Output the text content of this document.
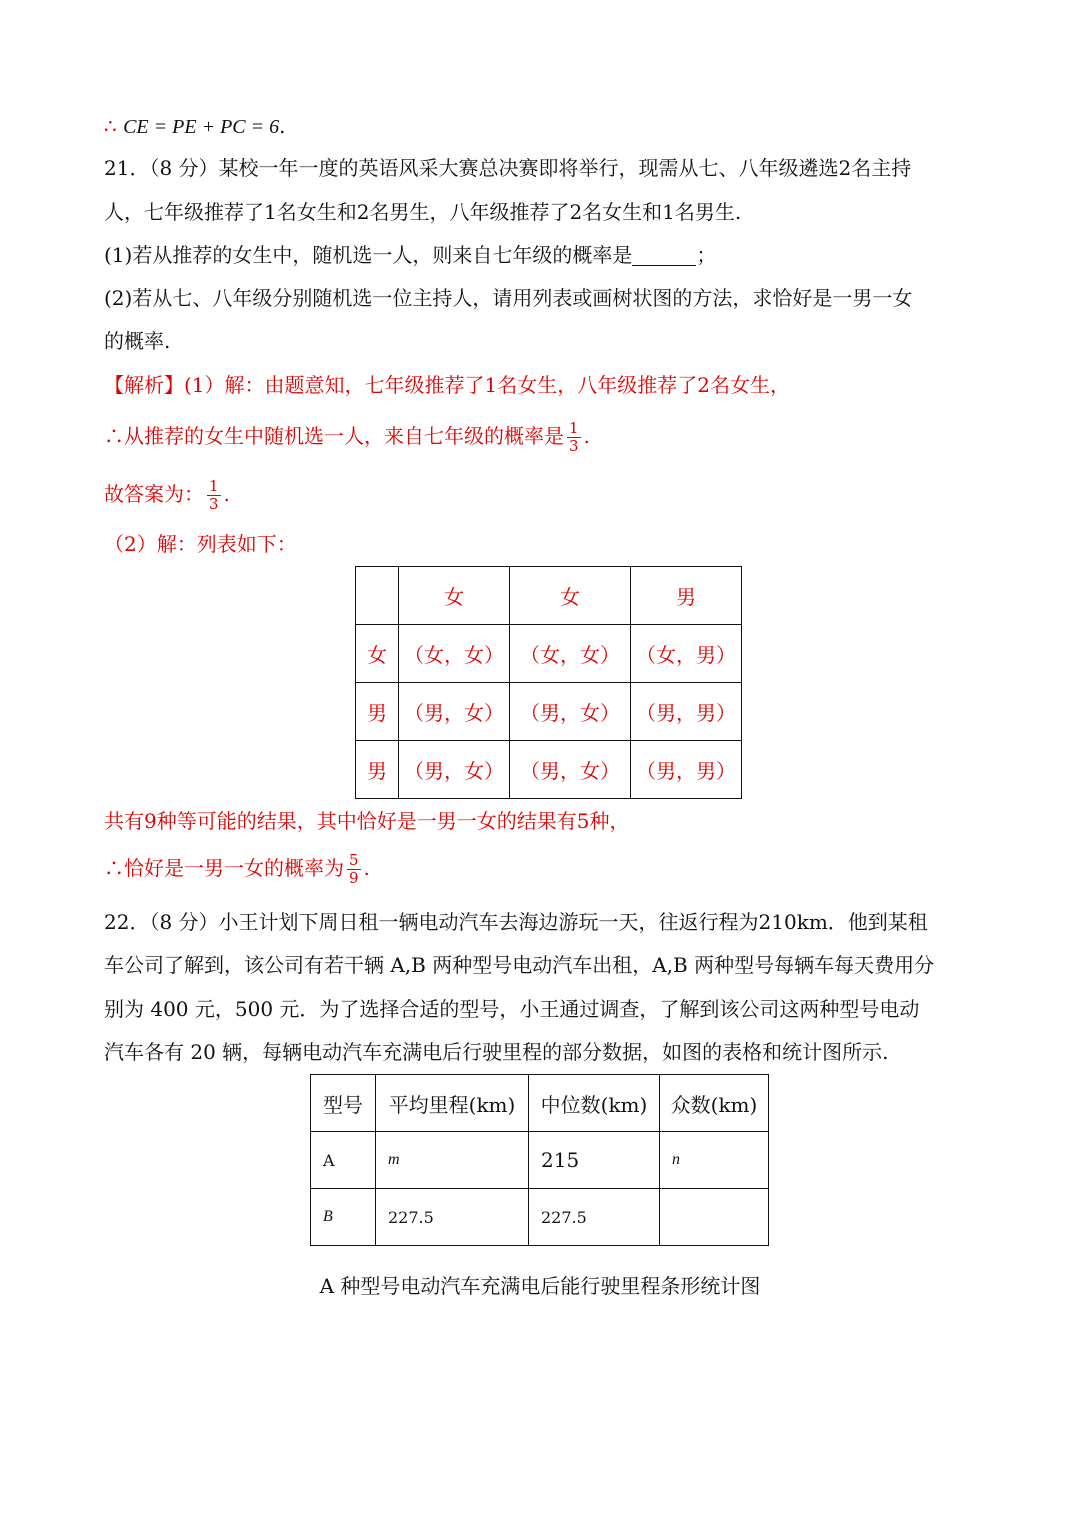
∴ CE = PE + PC = 6.
21．（8 分）某校一年一度的英语风采大赛总决赛即将举行，现需从七、八年级遴选2名主持
人，七年级推荐了1名女生和2名男生，八年级推荐了2名女生和1名男生.
(1)若从推荐的女生中，随机选一人，则来自七年级的概率是	；
(2)若从七、八年级分别随机选一位主持人，请用列表或画树状图的方法，求恰好是一男一女
的概率.
【解析】(1）解：由题意知，七年级推荐了1名女生，八年级推荐了2名女生，
∴从推荐的女生中随机选一人，来自七年级的概率是 $\frac{1}{3}$ .
故答案为： $\frac{1}{3}$ .
（2）解：列表如下：
	女	女	男
女	（女，女）	（女，女）	（女，男）
男	（男，女）	（男，女）	（男，男）
男	（男，女）	（男，女）	（男，男）
共有9种等可能的结果，其中恰好是一男一女的结果有5种，
∴恰好是一男一女的概率为 $\frac{5}{9}$ .
22．（8 分）小王计划下周日租一辆电动汽车去海边游玩一天，往返行程为210km．他到某租
车公司了解到，该公司有若干辆 A,B 两种型号电动汽车出租，A,B 两种型号每辆车每天费用分
别为 400 元，500 元．为了选择合适的型号，小王通过调查，了解到该公司这两种型号电动
汽车各有 20 辆，每辆电动汽车充满电后行驶里程的部分数据，如图的表格和统计图所示.
型号	平均里程(km)	中位数(km)	众数(km)
A	m	215	n
B	227.5	227.5	
A 种型号电动汽车充满电后能行驶里程条形统计图
